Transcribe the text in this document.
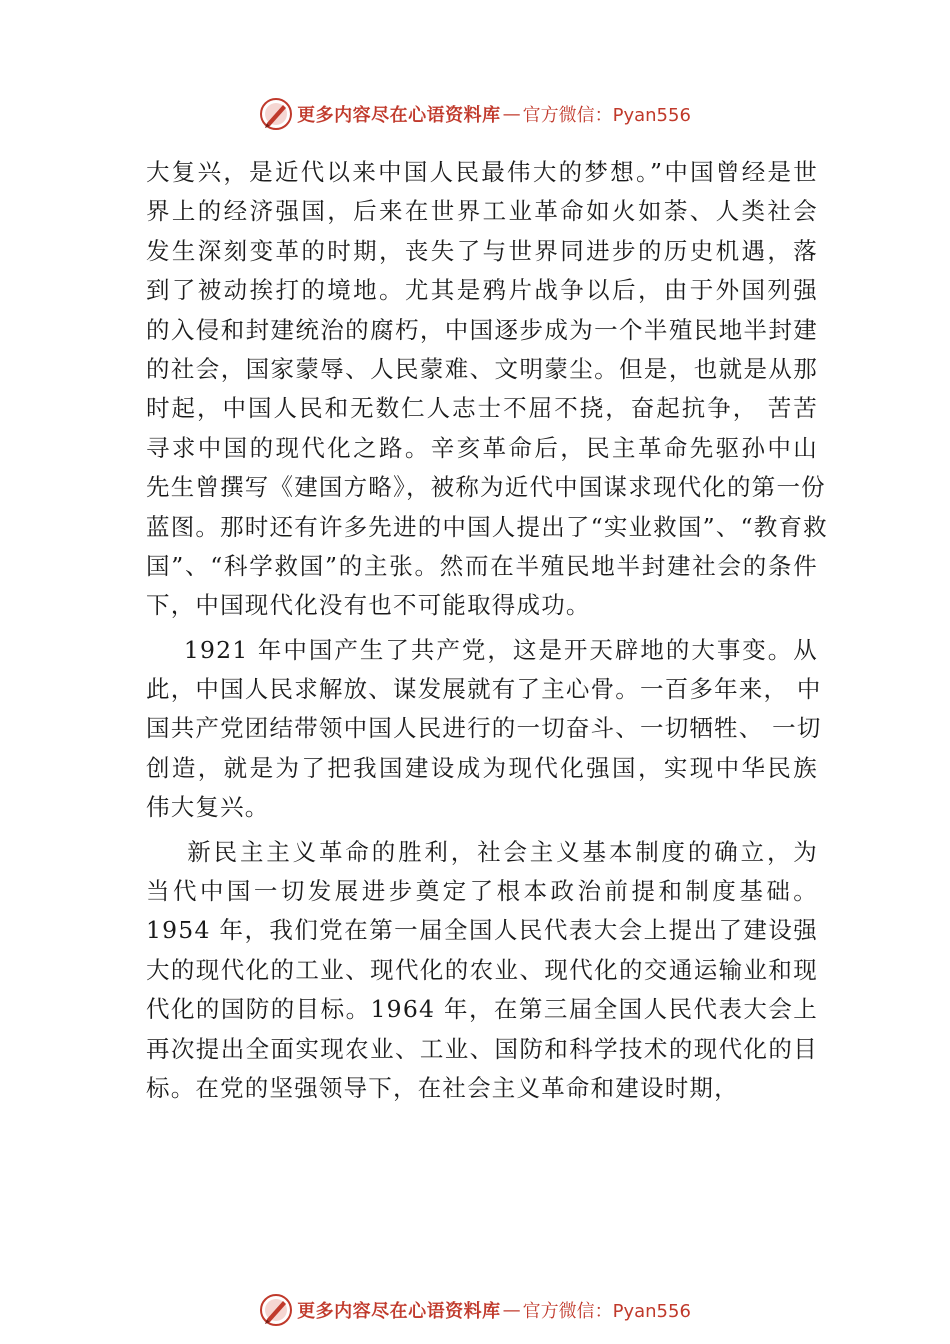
更多内容尽在心语资料库 — 官方微信：Pyan556
大复兴，是近代以来中国人民最伟大的梦想。”中国曾经是世
界上的经济强国，后来在世界工业革命如火如荼、人类社会
发生深刻变革的时期，丧失了与世界同进步的历史机遇，落
到了被动挨打的境地。尤其是鸦片战争以后，由于外国列强
的入侵和封建统治的腐朽，中国逐步成为一个半殖民地半封建
的社会，国家蒙辱、人民蒙难、文明蒙尘。但是，也就是从那
时起，中国人民和无数仁人志士不屈不挠，奋起抗争， 苦苦
寻求中国的现代化之路。辛亥革命后，民主革命先驱孙中山
先生曾撰写《建国方略》，被称为近代中国谋求现代化的第一份
蓝图。那时还有许多先进的中国人提出了“实业救国”、“教育救
国”、“科学救国”的主张。然而在半殖民地半封建社会的条件
下，中国现代化没有也不可能取得成功。
1921 年中国产生了共产党，这是开天辟地的大事变。从
此，中国人民求解放、谋发展就有了主心骨。一百多年来， 中
国共产党团结带领中国人民进行的一切奋斗、一切牺牲、 一切
创造，就是为了把我国建设成为现代化强国，实现中华民族
伟大复兴。
新民主主义革命的胜利，社会主义基本制度的确立，为
当代中国一切发展进步奠定了根本政治前提和制度基础。
1954 年，我们党在第一届全国人民代表大会上提出了建设强
大的现代化的工业、现代化的农业、现代化的交通运输业和现
代化的国防的目标。1964 年，在第三届全国人民代表大会上
再次提出全面实现农业、工业、国防和科学技术的现代化的目
标。在党的坚强领导下，在社会主义革命和建设时期，
更多内容尽在心语资料库 — 官方微信：Pyan556
